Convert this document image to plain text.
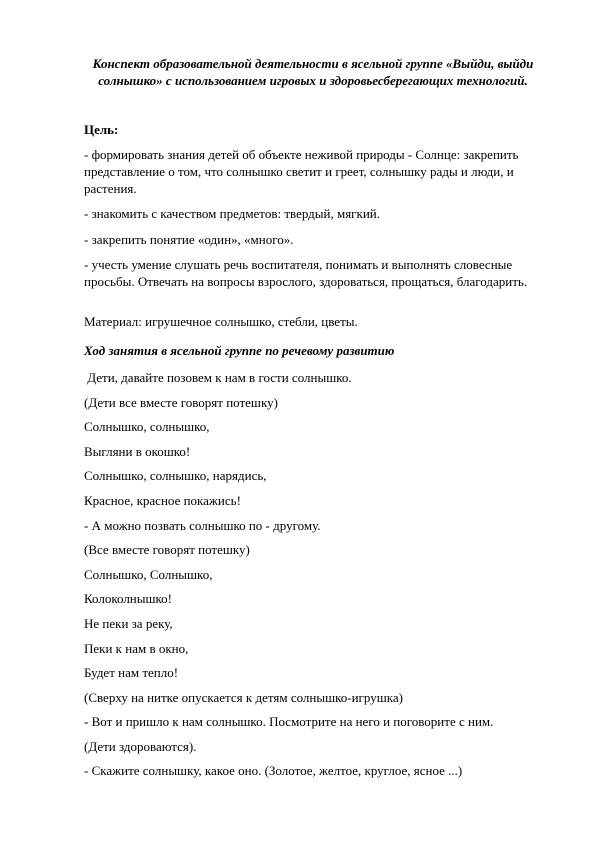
Конспект образовательной деятельности в ясельной группе «Выйди, выйди солнышко» с использованием игровых и здоровьесберегающих технологий.

Цель:

- формировать знания детей об объекте неживой природы - Солнце: закрепить представление о том, что солнышко светит и греет, солнышку рады и люди, и растения.

- знакомить с качеством предметов: твердый, мягкий.

- закрепить понятие «один», «много».

- учесть умение слушать речь воспитателя, понимать и выполнять словесные просьбы. Отвечать на вопросы взрослого, здороваться, прощаться, благодарить.

Материал: игрушечное солнышко, стебли, цветы.

Ход занятия в ясельной группе по речевому развитию

Дети, давайте позовем к нам в гости солнышко.

(Дети все вместе говорят потешку)

Солнышко, солнышко,

Выгляни в окошко!

Солнышко, солнышко, нарядись,

Красное, красное покажись!

- А можно позвать солнышко по - другому.

(Все вместе говорят потешку)

Солнышко, Солнышко,

Колоколнышко!

Не пеки за реку,

Пеки к нам в окно,

Будет нам тепло!

(Сверху на нитке опускается к детям солнышко-игрушка)

- Вот и пришло к нам солнышко. Посмотрите на него и поговорите с ним.

(Дети здороваются).

- Скажите солнышку, какое оно. (Золотое, желтое, круглое, ясное ...)
